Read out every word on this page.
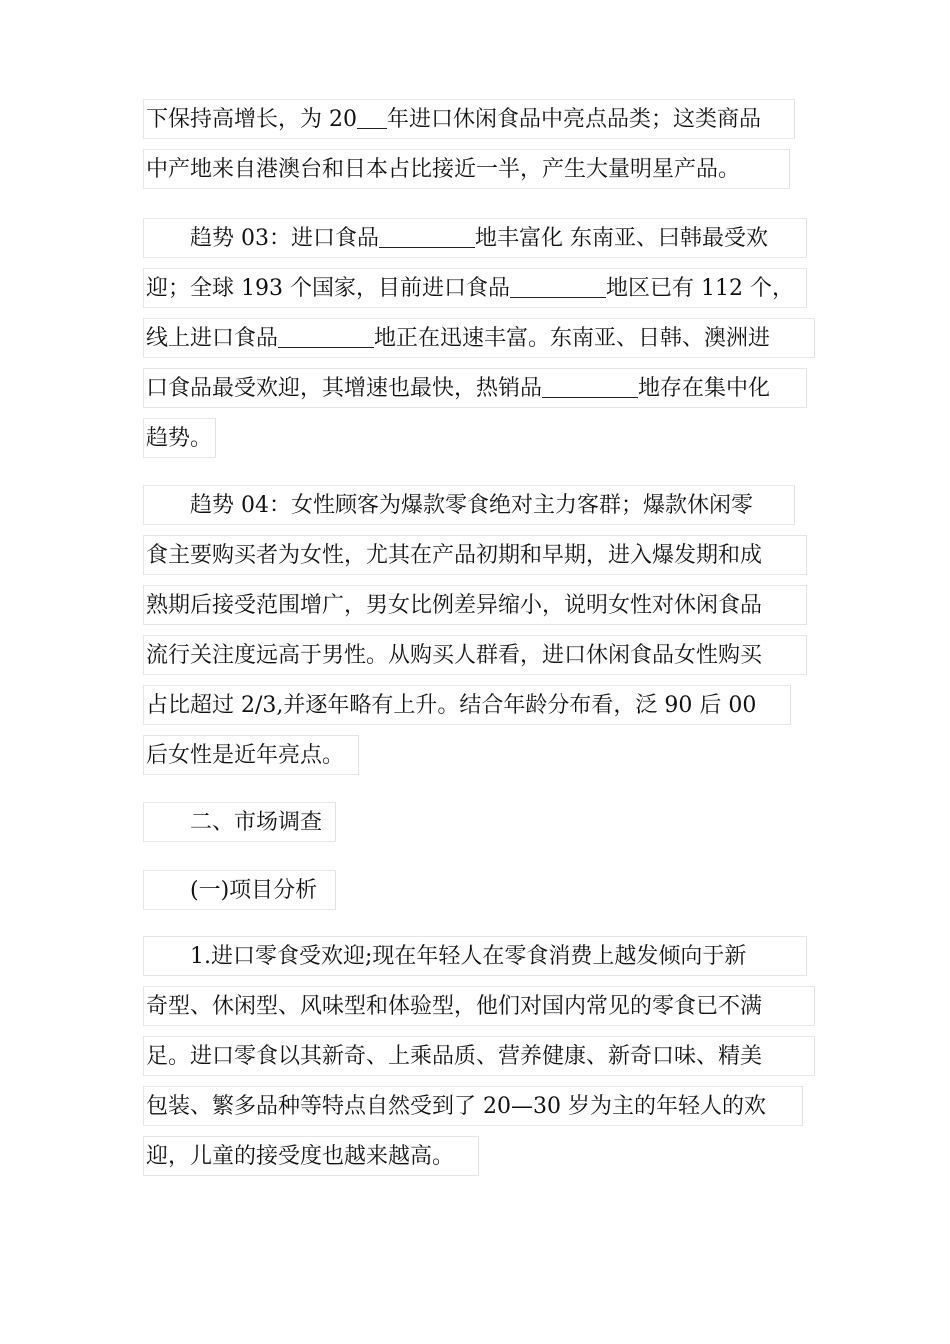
下保持高增长，为 20 年进口休闲食品中亮点品类；这类商品
中产地来自港澳台和日本占比接近一半，产生大量明星产品。
趋势 03：进口食品	地丰富化 东南亚、曰韩最受欢
迎；全球 193 个国家，目前进口食品	地区已有 112 个，
线上进口食品	地正在迅速丰富。东南亚、日韩、澳洲进
口食品最受欢迎，其增速也最快，热销品	地存在集中化
趋势。
趋势 04：女性顾客为爆款零食绝对主力客群；爆款休闲零
食主要购买者为女性，尤其在产品初期和早期，进入爆发期和成
熟期后接受范围增广，男女比例差异缩小，说明女性对休闲食品
流行关注度远高于男性。从购买人群看，进口休闲食品女性购买
占比超过 2/3,并逐年略有上升。结合年龄分布看，泛 90 后 00
后女性是近年亮点。
二、市场调查
(一)项目分析
1.进口零食受欢迎;现在年轻人在零食消费上越发倾向于新
奇型、休闲型、风味型和体验型，他们对国内常见的零食已不满
足。进口零食以其新奇、上乘品质、营养健康、新奇口味、精美
包装、繁多品种等特点自然受到了 20—30 岁为主的年轻人的欢
迎，儿童的接受度也越来越高。
